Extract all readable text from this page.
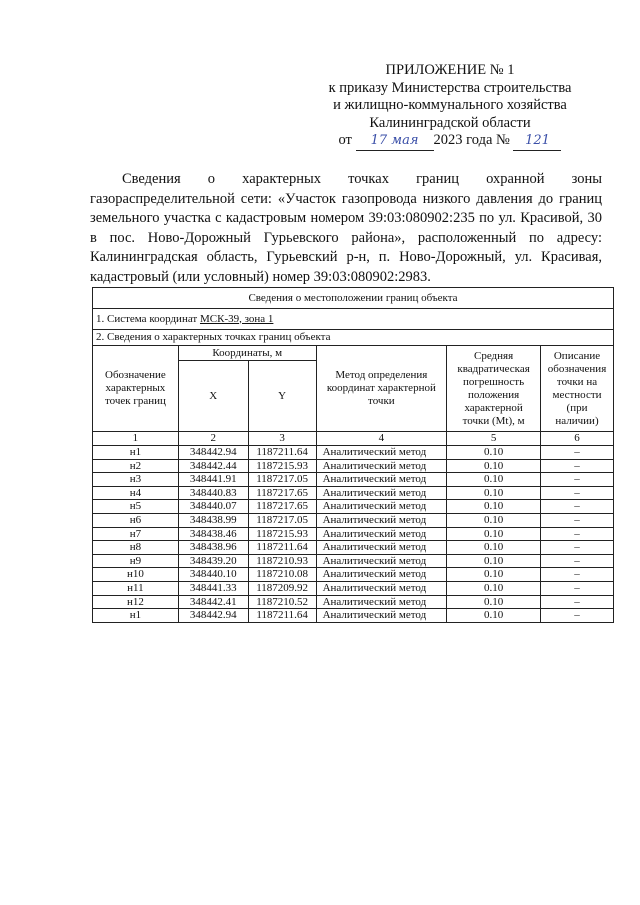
ПРИЛОЖЕНИЕ № 1
к приказу Министерства строительства
и жилищно-коммунального хозяйства
Калининградской области
от 17 мая 2023 года № 121
Сведения о характерных точках границ охранной зоны газораспределительной сети: «Участок газопровода низкого давления до границ земельного участка с кадастровым номером 39:03:080902:235 по ул. Красивой, 30 в пос. Ново-Дорожный Гурьевского района», расположенный по адресу: Калининградская область, Гурьевский р-н, п. Ново-Дорожный, ул. Красивая, кадастровый (или условный) номер 39:03:080902:2983.
Сведения о местоположении границ объекта					
1. Система координат МСК-39, зона 1					
2. Сведения о характерных точках границ объекта					
Обозначение характерных точек границ	Координаты, м		Метод определения координат характерной точки	Средняя квадратическая погрешность положения характерной точки (Mt), м	Описание обозначения точки на местности (при наличии)
	X	Y			
1	2	3	4	5	6
н1	348442.94	1187211.64	Аналитический метод	0.10	–
н2	348442.44	1187215.93	Аналитический метод	0.10	–
н3	348441.91	1187217.05	Аналитический метод	0.10	–
н4	348440.83	1187217.65	Аналитический метод	0.10	–
н5	348440.07	1187217.65	Аналитический метод	0.10	–
н6	348438.99	1187217.05	Аналитический метод	0.10	–
н7	348438.46	1187215.93	Аналитический метод	0.10	–
н8	348438.96	1187211.64	Аналитический метод	0.10	–
н9	348439.20	1187210.93	Аналитический метод	0.10	–
н10	348440.10	1187210.08	Аналитический метод	0.10	–
н11	348441.33	1187209.92	Аналитический метод	0.10	–
н12	348442.41	1187210.52	Аналитический метод	0.10	–
н1	348442.94	1187211.64	Аналитический метод	0.10	–
